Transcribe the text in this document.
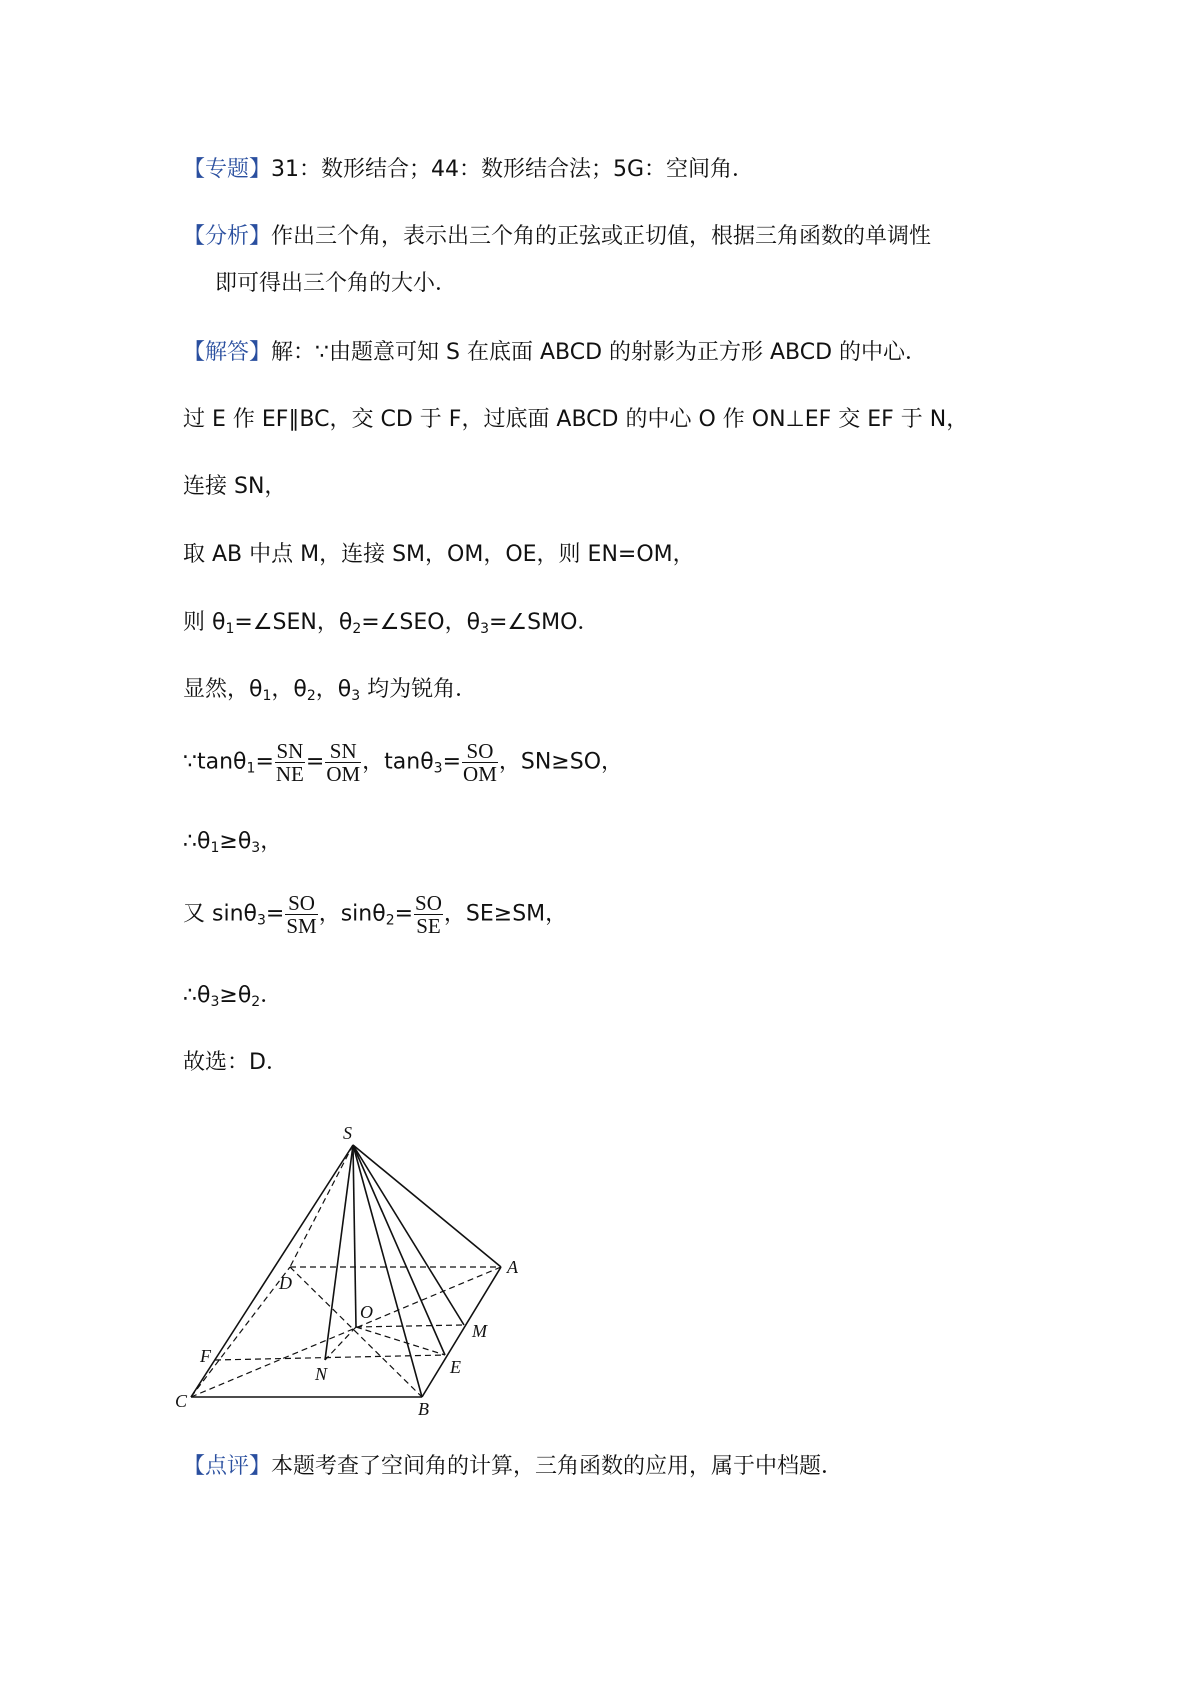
【专题】31：数形结合；44：数形结合法；5G：空间角．
【分析】作出三个角，表示出三个角的正弦或正切值，根据三角函数的单调性
即可得出三个角的大小．
【解答】解：∵由题意可知 S 在底面 ABCD 的射影为正方形 ABCD 的中心．
过 E 作 EF∥BC，交 CD 于 F，过底面 ABCD 的中心 O 作 ON⊥EF 交 EF 于 N，
连接 SN，
取 AB 中点 M，连接 SM，OM，OE，则 EN=OM，
则 $\theta_1=\angle SEN$，$\theta_2=\angle SEO$，$\theta_3=\angle SMO$．
显然，$\theta_1$，$\theta_2$，$\theta_3$ 均为锐角．
∵tanθ$_1$= $\frac{SN}{NE} = \frac{SN}{OM}$ ，$\tan\theta_3= \frac{SO}{OM}$ ，SN≥SO，
$\therefore\theta_1\ge\theta_3$，
又 $\sin\theta_3= \frac{SO}{SM}$ ，$\sin\theta_2= \frac{SO}{SE}$ ，SE≥SM，
$\therefore\theta_3\ge\theta_2$．
故选：D．
S
A
B
C
D
E
F
M
N
O
【点评】本题考查了空间角的计算，三角函数的应用，属于中档题．
